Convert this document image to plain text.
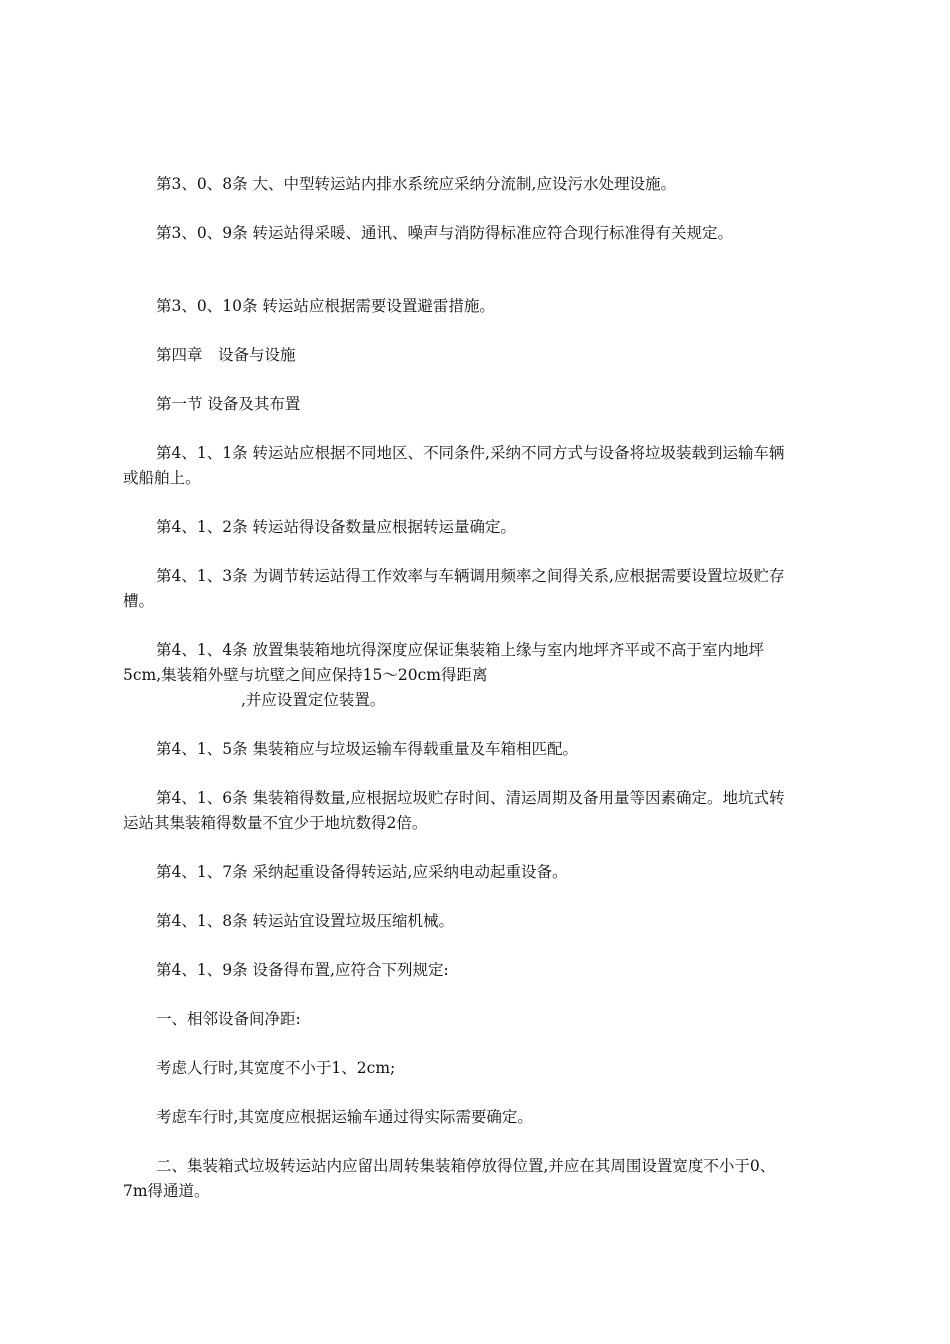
第3、0、8条 大、中型转运站内排水系统应采纳分流制,应设污水处理设施。

第3、0、9条 转运站得采暖、通讯、噪声与消防得标准应符合现行标准得有关规定。

第3、0、10条 转运站应根据需要设置避雷措施。

第四章　设备与设施

第一节 设备及其布置

第4、1、1条 转运站应根据不同地区、不同条件,采纳不同方式与设备将垃圾装载到运输车辆或船舶上。

第4、1、2条 转运站得设备数量应根据转运量确定。

第4、1、3条 为调节转运站得工作效率与车辆调用频率之间得关系,应根据需要设置垃圾贮存槽。

第4、1、4条 放置集装箱地坑得深度应保证集装箱上缘与室内地坪齐平或不高于室内地坪5cm,集装箱外壁与坑壁之间应保持15～20cm得距离

,并应设置定位装置。

第4、1、5条 集装箱应与垃圾运输车得载重量及车箱相匹配。

第4、1、6条 集装箱得数量,应根据垃圾贮存时间、清运周期及备用量等因素确定。地坑式转运站其集装箱得数量不宜少于地坑数得2倍。

第4、1、7条 采纳起重设备得转运站,应采纳电动起重设备。

第4、1、8条 转运站宜设置垃圾压缩机械。

第4、1、9条 设备得布置,应符合下列规定:

一、相邻设备间净距:

考虑人行时,其宽度不小于1、2cm;

考虑车行时,其宽度应根据运输车通过得实际需要确定。

二、集装箱式垃圾转运站内应留出周转集装箱停放得位置,并应在其周围设置宽度不小于0、7m得通道。
